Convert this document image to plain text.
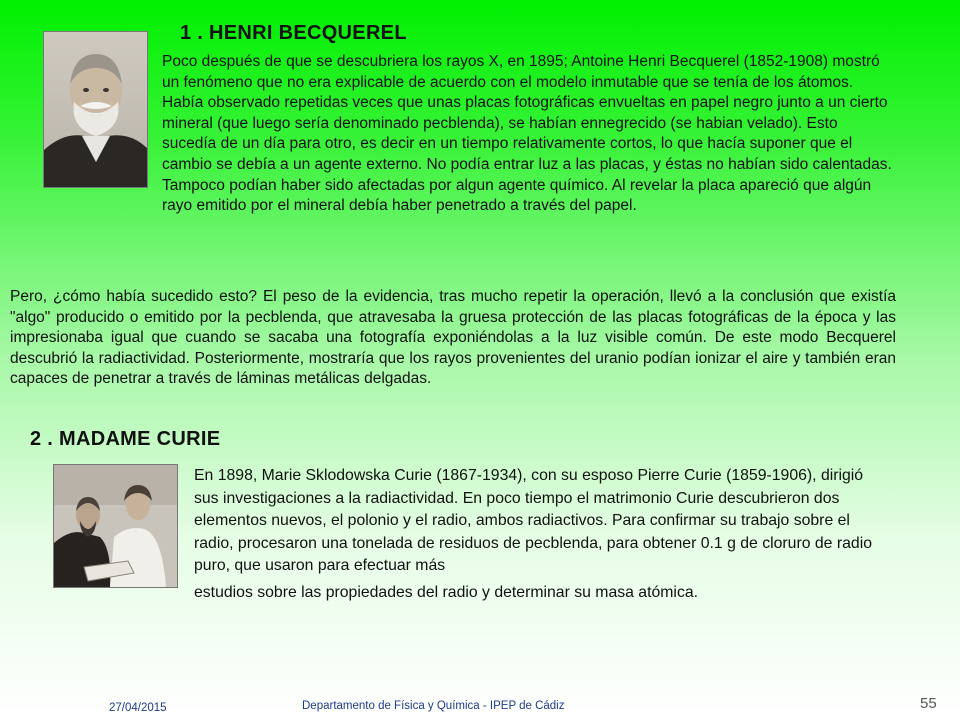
1 . HENRI BECQUEREL
Poco después de que se descubriera los rayos X, en 1895; Antoine Henri Becquerel (1852-1908) mostró un fenómeno que no era explicable de acuerdo con el modelo inmutable que se tenía de los átomos. Había observado repetidas veces que unas placas fotográficas envueltas en papel negro junto a un cierto mineral (que luego sería denominado pecblenda), se habían ennegrecido (se habian velado). Esto sucedía de un día para otro, es decir en un tiempo relativamente cortos, lo que hacía suponer que el cambio se debía a un agente externo. No podía entrar luz a las placas, y éstas no habían sido calentadas. Tampoco podían haber sido afectadas por algun agente químico. Al revelar la placa apareció que algún rayo emitido por el mineral debía haber penetrado a través del papel.
Pero, ¿cómo había sucedido esto? El peso de la evidencia, tras mucho repetir la operación, llevó a la conclusión que existía "algo" producido o emitido por la pecblenda, que atravesaba la gruesa protección de las placas fotográficas de la época y las impresionaba igual que cuando se sacaba una fotografía exponiéndolas a la luz visible común. De este modo Becquerel descubrió la radiactividad. Posteriormente, mostraría que los rayos provenientes del uranio podían ionizar el aire y también eran capaces de penetrar a través de láminas metálicas delgadas.
2 . MADAME CURIE
En 1898, Marie Sklodowska Curie (1867-1934), con su esposo Pierre Curie (1859-1906), dirigió sus investigaciones a la radiactividad. En poco tiempo el matrimonio Curie descubrieron dos elementos nuevos, el polonio y el radio, ambos radiactivos. Para confirmar su trabajo sobre el radio, procesaron una tonelada de residuos de pecblenda, para obtener 0.1 g de cloruro de radio puro, que usaron para efectuar más
estudios sobre las propiedades del radio y determinar su masa atómica.
27/04/2015	Departamento de Física y Química - IPEP de Cádiz	55
